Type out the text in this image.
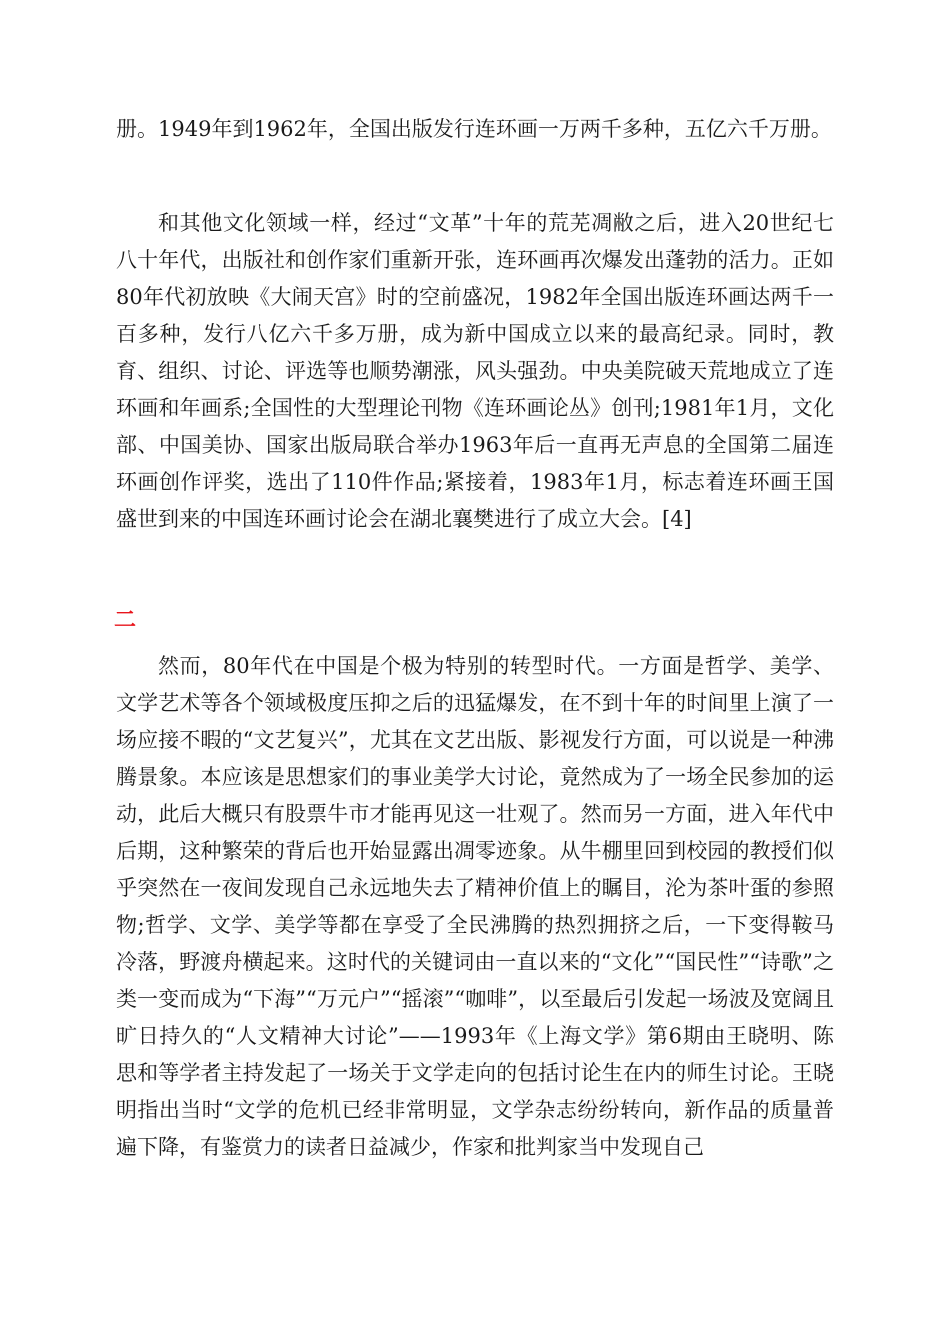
册。1949年到1962年，全国出版发行连环画一万两千多种，五亿六千万册。
和其他文化领域一样，经过“文革”十年的荒芜凋敝之后，进入20世纪七八十年代，出版社和创作家们重新开张，连环画再次爆发出蓬勃的活力。正如80年代初放映《大闹天宫》时的空前盛况，1982年全国出版连环画达两千一百多种，发行八亿六千多万册，成为新中国成立以来的最高纪录。同时，教育、组织、讨论、评选等也顺势潮涨，风头强劲。中央美院破天荒地成立了连环画和年画系;全国性的大型理论刊物《连环画论丛》创刊;1981年1月，文化部、中国美协、国家出版局联合举办1963年后一直再无声息的全国第二届连环画创作评奖，选出了110件作品;紧接着，1983年1月，标志着连环画王国盛世到来的中国连环画讨论会在湖北襄樊进行了成立大会。[4]
二
然而，80年代在中国是个极为特别的转型时代。一方面是哲学、美学、文学艺术等各个领域极度压抑之后的迅猛爆发，在不到十年的时间里上演了一场应接不暇的“文艺复兴”，尤其在文艺出版、影视发行方面，可以说是一种沸腾景象。本应该是思想家们的事业美学大讨论，竟然成为了一场全民参加的运动，此后大概只有股票牛市才能再见这一壮观了。然而另一方面，进入年代中后期，这种繁荣的背后也开始显露出凋零迹象。从牛棚里回到校园的教授们似乎突然在一夜间发现自己永远地失去了精神价值上的瞩目，沦为茶叶蛋的参照物;哲学、文学、美学等都在享受了全民沸腾的热烈拥挤之后，一下变得鞍马冷落，野渡舟横起来。这时代的关键词由一直以来的“文化”“国民性”“诗歌”之类一变而成为“下海”“万元户”“摇滚”“咖啡”，以至最后引发起一场波及宽阔且旷日持久的“人文精神大讨论”——1993年《上海文学》第6期由王晓明、陈思和等学者主持发起了一场关于文学走向的包括讨论生在内的师生讨论。王晓明指出当时“文学的危机已经非常明显，文学杂志纷纷转向，新作品的质量普遍下降，有鉴赏力的读者日益减少，作家和批判家当中发现自己
